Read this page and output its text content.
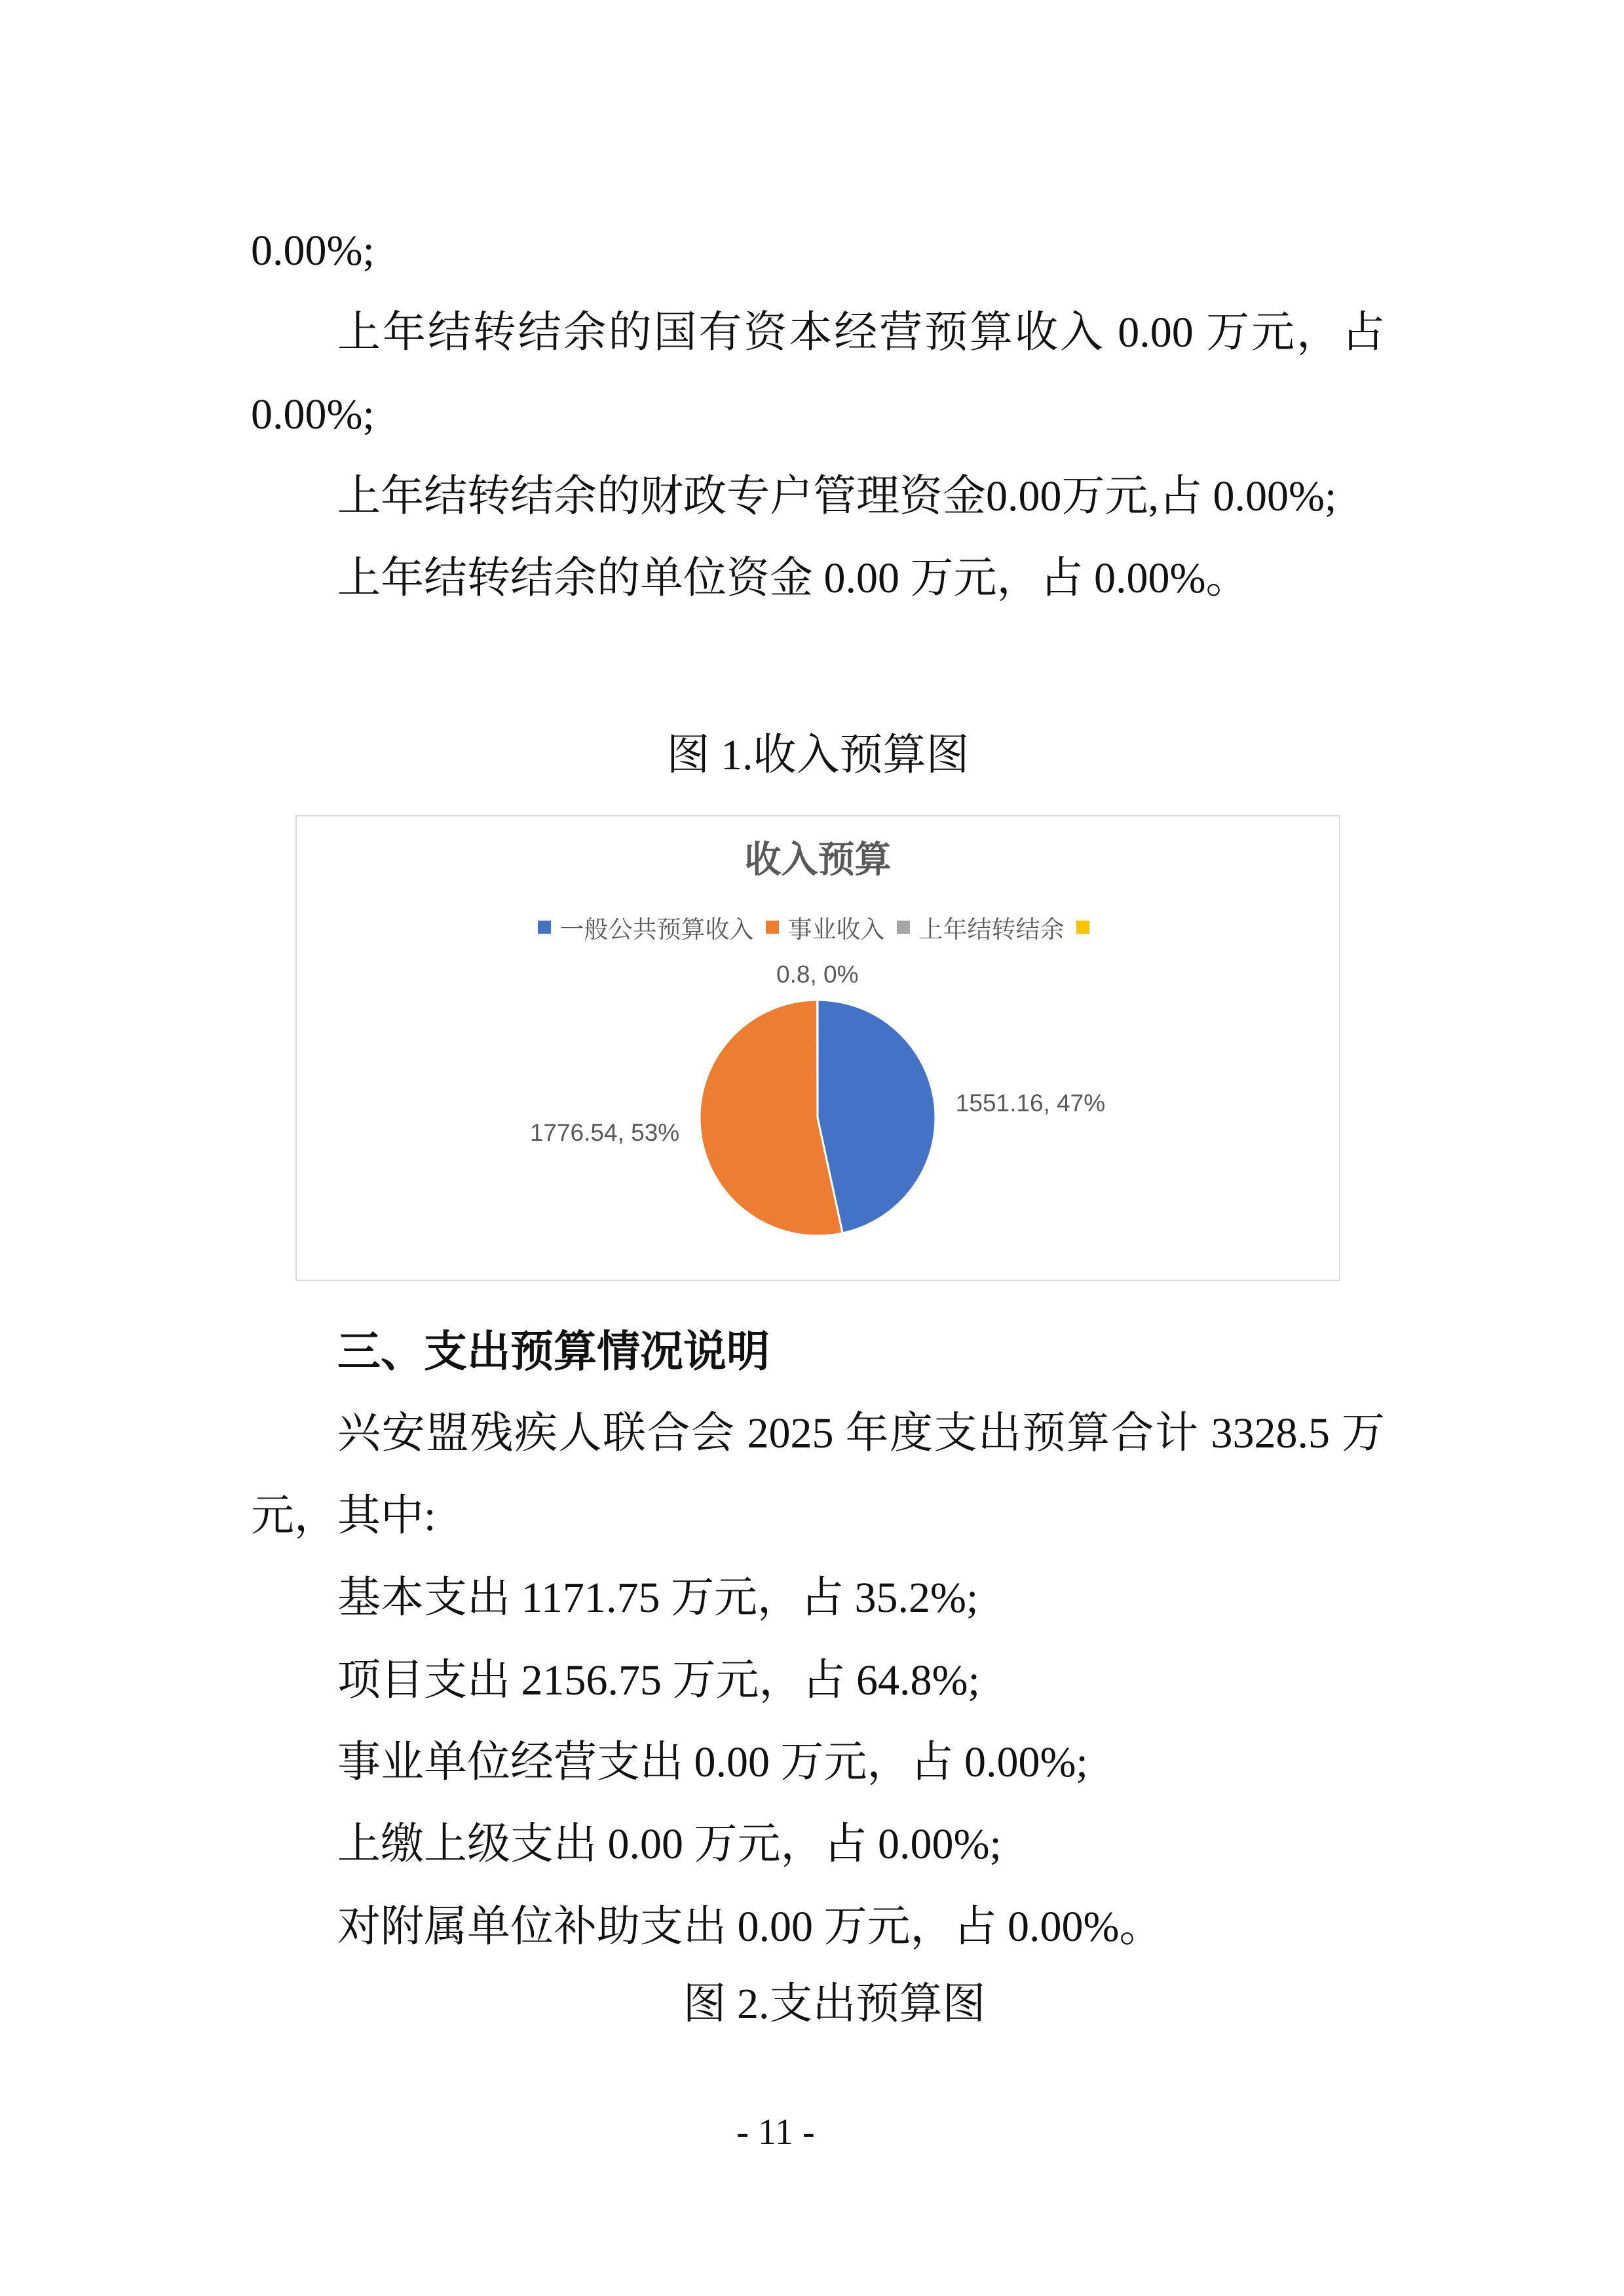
0.00%;
上年结转结余的国有资本经营预算收入 0.00 万元，占
0.00%;
上年结转结余的财政专户管理资金0.00万元,占 0.00%;
上年结转结余的单位资金 0.00 万元，占 0.00%。
图 1.收入预算图
收入预算
一般公共预算收入 事业收入 上年结转结余
1551.16, 47%
1776.54, 53%
0.8, 0%
三、支出预算情况说明
兴安盟残疾人联合会 2025 年度支出预算合计 3328.5 万
元，其中:
基本支出 1171.75 万元，占 35.2%;
项目支出 2156.75 万元，占 64.8%;
事业单位经营支出 0.00 万元，占 0.00%;
上缴上级支出 0.00 万元，占 0.00%;
对附属单位补助支出 0.00 万元，占 0.00%。
图 2.支出预算图
- 11 -
